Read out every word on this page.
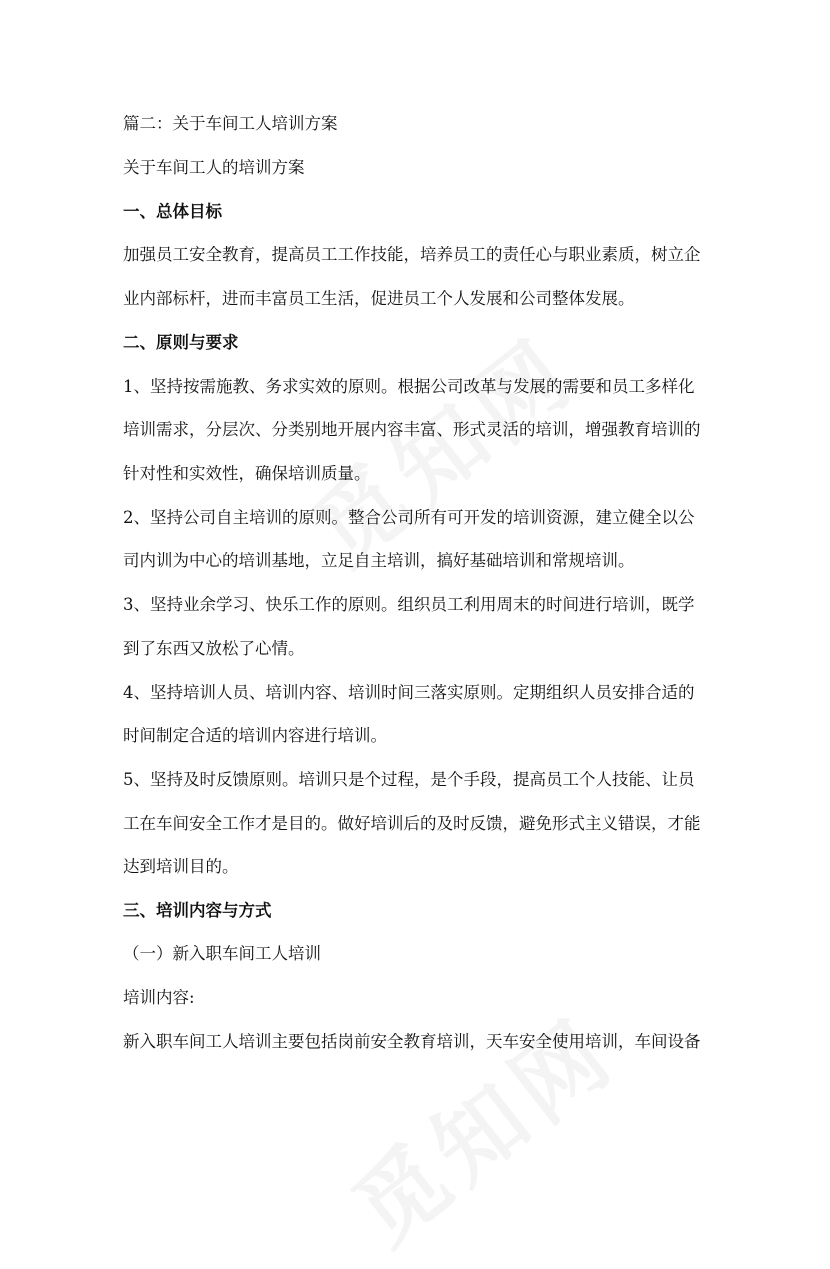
篇二：关于车间工人培训方案
关于车间工人的培训方案
一、总体目标
加强员工安全教育，提高员工工作技能，培养员工的责任心与职业素质，树立企
业内部标杆，进而丰富员工生活，促进员工个人发展和公司整体发展。
二、原则与要求
1、坚持按需施教、务求实效的原则。根据公司改革与发展的需要和员工多样化
培训需求，分层次、分类别地开展内容丰富、形式灵活的培训，增强教育培训的
针对性和实效性，确保培训质量。
2、坚持公司自主培训的原则。整合公司所有可开发的培训资源，建立健全以公
司内训为中心的培训基地，立足自主培训，搞好基础培训和常规培训。
3、坚持业余学习、快乐工作的原则。组织员工利用周末的时间进行培训，既学
到了东西又放松了心情。
4、坚持培训人员、培训内容、培训时间三落实原则。定期组织人员安排合适的
时间制定合适的培训内容进行培训。
5、坚持及时反馈原则。培训只是个过程，是个手段，提高员工个人技能、让员
工在车间安全工作才是目的。做好培训后的及时反馈，避免形式主义错误，才能
达到培训目的。
三、培训内容与方式
（一）新入职车间工人培训
培训内容:
新入职车间工人培训主要包括岗前安全教育培训，天车安全使用培训，车间设备
